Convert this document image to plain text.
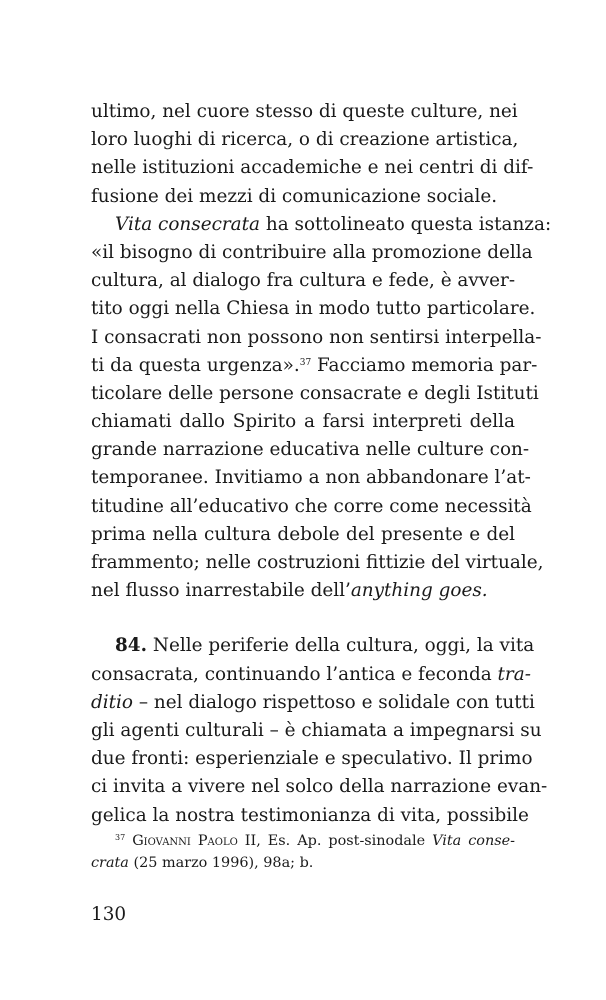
ultimo, nel cuore stesso di queste culture, nei
loro luoghi di ricerca, o di creazione artistica,
nelle istituzioni accademiche e nei centri di dif-
fusione dei mezzi di comunicazione sociale.
Vita consecrata ha sottolineato questa istanza:
«il bisogno di contribuire alla promozione della
cultura, al dialogo fra cultura e fede, è avver-
tito oggi nella Chiesa in modo tutto particolare.
I consacrati non possono non sentirsi interpella-
ti da questa urgenza».$^{37}$ Facciamo memoria par-
ticolare delle persone consacrate e degli Istituti
chiamati dallo Spirito a farsi interpreti della
grande narrazione educativa nelle culture con-
temporanee. Invitiamo a non abbandonare l’at-
titudine all’educativo che corre come necessità
prima nella cultura debole del presente e del
frammento; nelle costruzioni fittizie del virtuale,
nel flusso inarrestabile dell’anything goes.
84. Nelle periferie della cultura, oggi, la vita
consacrata, continuando l’antica e feconda tra-
ditio – nel dialogo rispettoso e solidale con tutti
gli agenti culturali – è chiamata a impegnarsi su
due fronti: esperienziale e speculativo. Il primo
ci invita a vivere nel solco della narrazione evan-
gelica la nostra testimonianza di vita, possibile
$^{37}$ Giovanni Paolo II, Es. Ap. post-sinodale Vita conse-
crata (25 marzo 1996), 98a; b.
130
